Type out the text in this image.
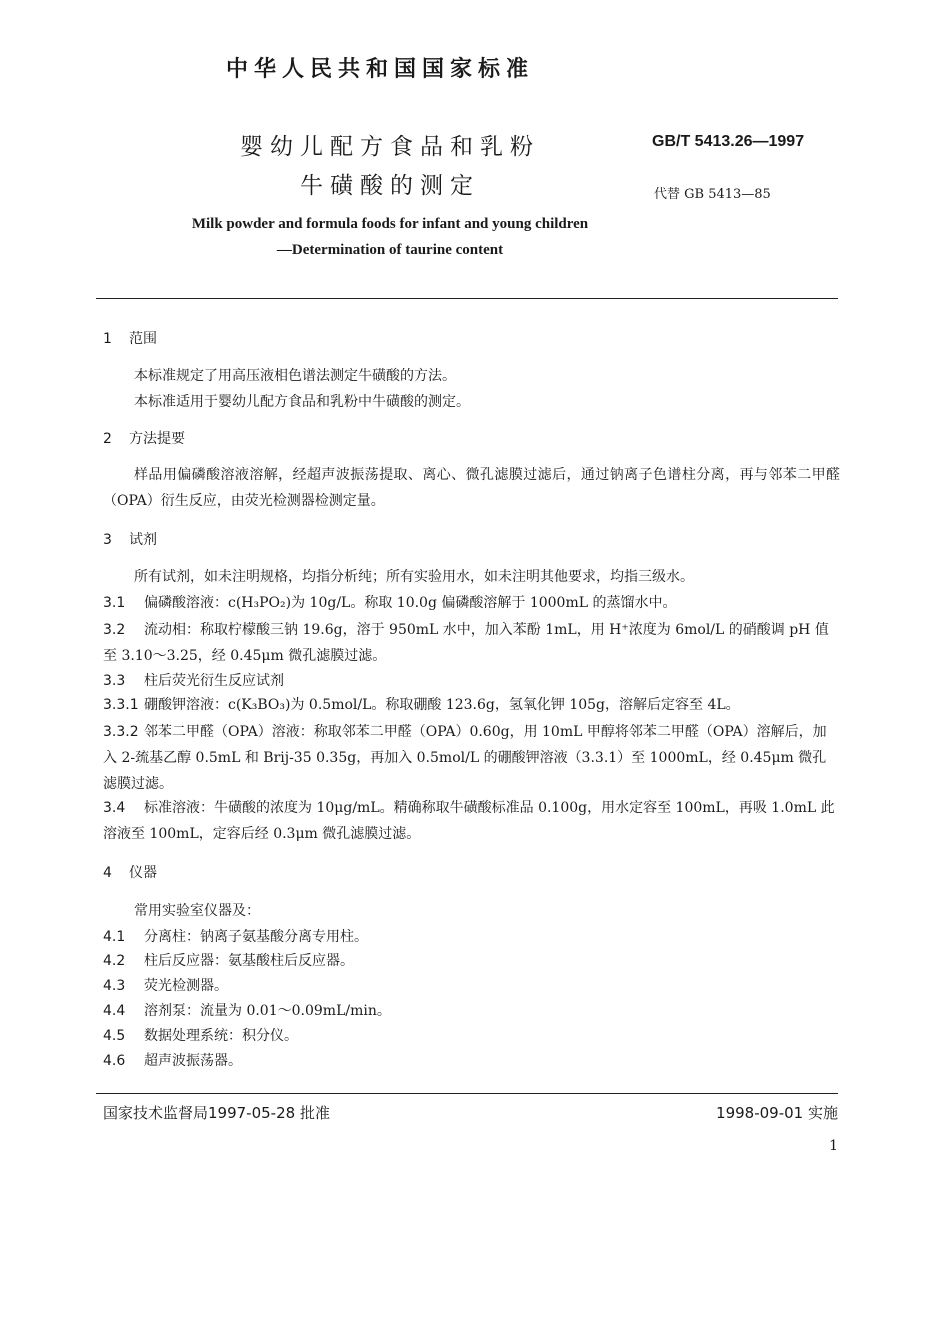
中华人民共和国国家标准
婴幼儿配方食品和乳粉
牛磺酸的测定
GB/T 5413.26—1997
代替 GB 5413—85
Milk powder and formula foods for infant and young children
—Determination of taurine content
1 范围
本标准规定了用高压液相色谱法测定牛磺酸的方法。
本标准适用于婴幼儿配方食品和乳粉中牛磺酸的测定。
2 方法提要
样品用偏磷酸溶液溶解，经超声波振荡提取、离心、微孔滤膜过滤后，通过钠离子色谱柱分离，再与邻苯二甲醛（OPA）衍生反应，由荧光检测器检测定量。
3 试剂
所有试剂，如未注明规格，均指分析纯；所有实验用水，如未注明其他要求，均指三级水。
3.1 偏磷酸溶液：c(H₃PO₂)为 10g/L。称取 10.0g 偏磷酸溶解于 1000mL 的蒸馏水中。
3.2 流动相：称取柠檬酸三钠 19.6g，溶于 950mL 水中，加入苯酚 1mL，用 H⁺浓度为 6mol/L 的硝酸调 pH 值至 3.10～3.25，经 0.45μm 微孔滤膜过滤。
3.3 柱后荧光衍生反应试剂
3.3.1 硼酸钾溶液：c(K₃BO₃)为 0.5mol/L。称取硼酸 123.6g，氢氧化钾 105g，溶解后定容至 4L。
3.3.2 邻苯二甲醛（OPA）溶液：称取邻苯二甲醛（OPA）0.60g，用 10mL 甲醇将邻苯二甲醛（OPA）溶解后，加入 2-巯基乙醇 0.5mL 和 Brij-35 0.35g，再加入 0.5mol/L 的硼酸钾溶液（3.3.1）至 1000mL，经 0.45μm 微孔滤膜过滤。
3.4 标准溶液：牛磺酸的浓度为 10μg/mL。精确称取牛磺酸标准品 0.100g，用水定容至 100mL，再吸 1.0mL 此溶液至 100mL，定容后经 0.3μm 微孔滤膜过滤。
4 仪器
常用实验室仪器及：
4.1 分离柱：钠离子氨基酸分离专用柱。
4.2 柱后反应器：氨基酸柱后反应器。
4.3 荧光检测器。
4.4 溶剂泵：流量为 0.01～0.09mL/min。
4.5 数据处理系统：积分仪。
4.6 超声波振荡器。
国家技术监督局1997-05-28 批准	1998-09-01 实施
1
